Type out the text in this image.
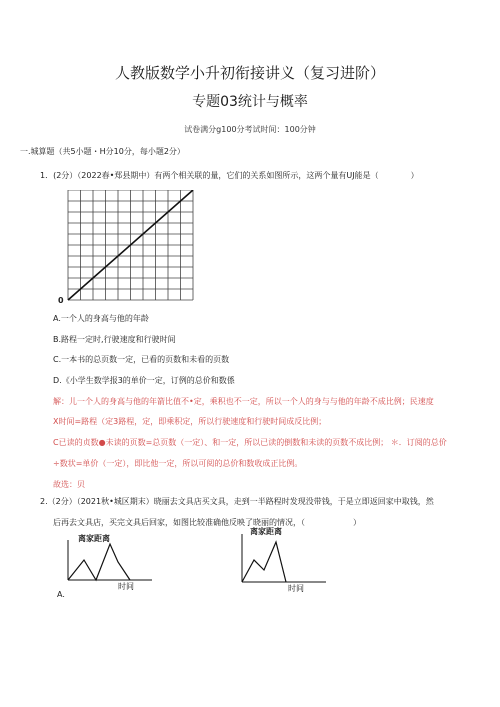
人教版数学小升初衔接讲义（复习进阶）
专题03统计与概率
试卷满分g100分考试时间：100分钟
一.城算题（共5小题・H分10分，每小题2分）
1．(2分）（2022春•郑县期中）有两个相关联的量，它们的关系如图所示，这两个量有UJ能是（　　　　）
0
A.一个人的身高与他的年龄
B.路程一定时,行驶速度和行驶时间
C.一本书的总页数一定，已看的页数和未看的页数
D.《小学生数学报3的单价一定，订例的总价和数係
解：儿一个人的身高与他的年箭比值不•定，乘积也不一定，所以一个人的身与与他的年龄不成比例；民速度
X时间=路程（定3路程，定，即乘积定，所以行驶速度和行驶时间成反比例；
C已读的贞数●未读的页数=总页数（一定）、和一定，所以已读的倒数和未读的页数不成比例； ＊．订阅的总价
÷数状=单价（一定），即比他一定，所以可阅的总价和数收成正比例。
故选：贝
2.（2分）（2021秋•城区期末）晓丽去文具店买文具，走到一半路程时发现没带钱，于是立即返回家中取钱，然
后再去文具店，买完文具后回家，如图比较准确他反映了晓丽的情况，（　　　　　　）
离家距离
时间
A.
离家距离
时间
